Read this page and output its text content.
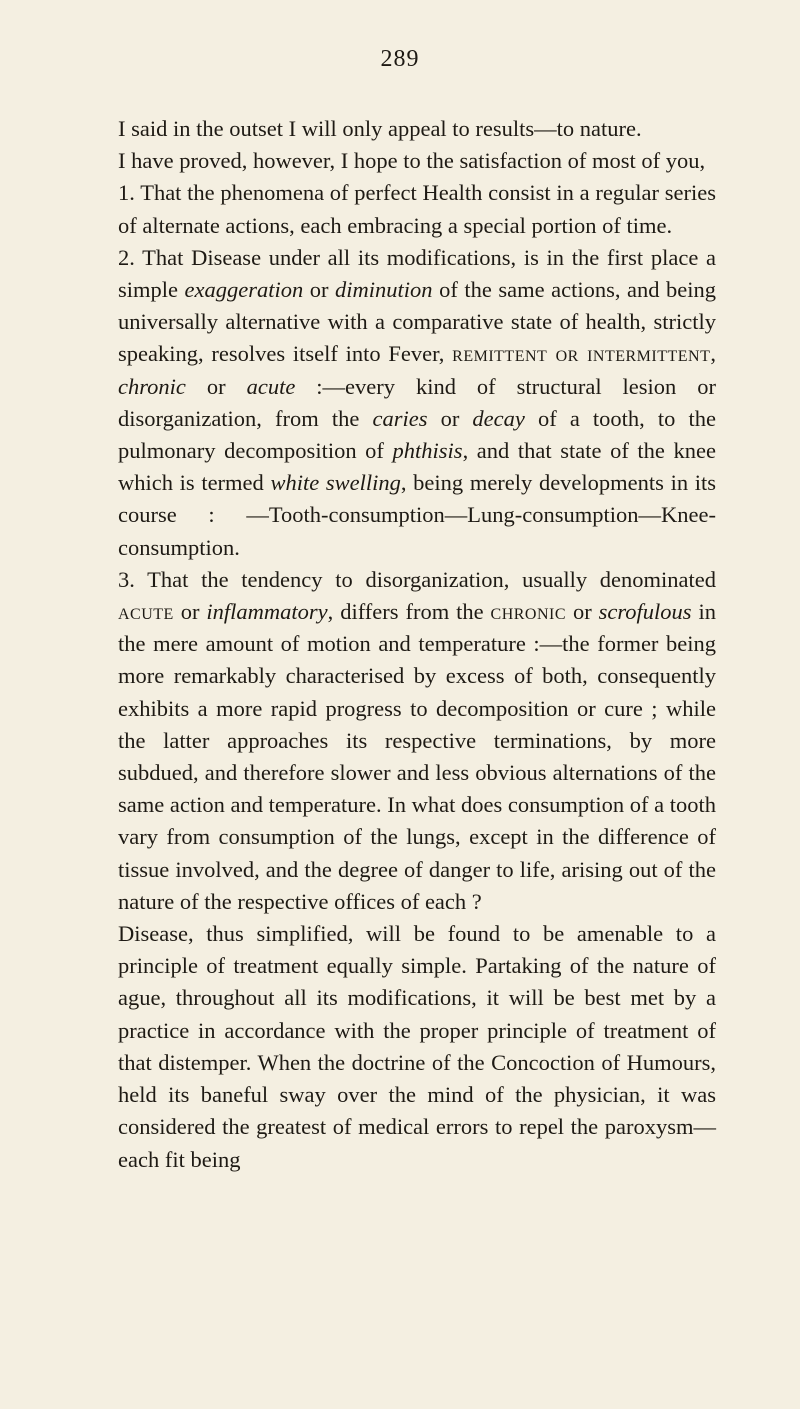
289

I said in the outset I will only appeal to results—to nature.

I have proved, however, I hope to the satisfaction of most of you,

1. That the phenomena of perfect Health consist in a regular series of alternate actions, each embracing a special portion of time.

2. That Disease under all its modifications, is in the first place a simple exaggeration or diminution of the same actions, and being universally alternative with a comparative state of health, strictly speaking, resolves itself into Fever, remittent or intermittent, chronic or acute :—every kind of structural lesion or disorganization, from the caries or decay of a tooth, to the pulmonary decomposition of phthisis, and that state of the knee which is termed white swelling, being merely developments in its course : —Tooth-consumption—Lung-consumption—Knee-consumption.

3. That the tendency to disorganization, usually denominated acute or inflammatory, differs from the chronic or scrofulous in the mere amount of motion and temperature :—the former being more remarkably characterised by excess of both, consequently exhibits a more rapid progress to decomposition or cure ; while the latter approaches its respective terminations, by more subdued, and therefore slower and less obvious alternations of the same action and temperature. In what does consumption of a tooth vary from consumption of the lungs, except in the difference of tissue involved, and the degree of danger to life, arising out of the nature of the respective offices of each ?

Disease, thus simplified, will be found to be amenable to a principle of treatment equally simple. Partaking of the nature of ague, throughout all its modifications, it will be best met by a practice in accordance with the proper principle of treatment of that distemper. When the doctrine of the Concoction of Humours, held its baneful sway over the mind of the physician, it was considered the greatest of medical errors to repel the paroxysm—each fit being
